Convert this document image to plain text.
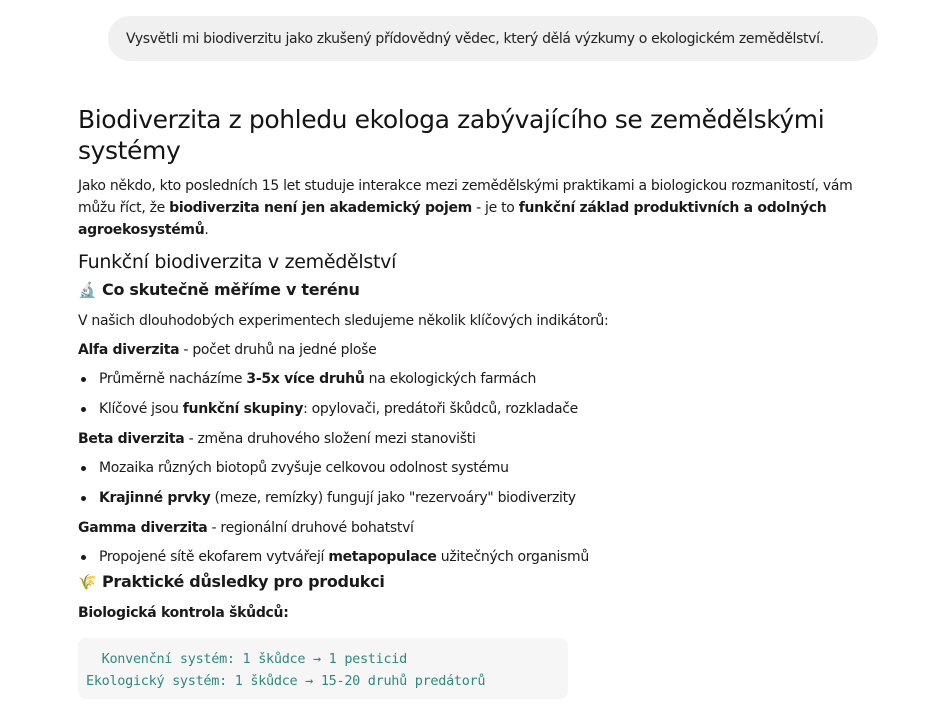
Vysvětli mi biodiverzitu jako zkušený přídovědný vědec, který dělá výzkumy o ekologickém zemědělství.
Biodiverzita z pohledu ekologa zabývajícího se zemědělskými systémy

Jako někdo, kto posledních 15 let studuje interakce mezi zemědělskými praktikami a biologickou rozmanitostí, vám můžu říct, že biodiverzita není jen akademický pojem - je to funkční základ produktivních a odolných agroekosystémů.

Funkční biodiverzita v zemědělství
🔬 Co skutečně měříme v terénu

V našich dlouhodobých experimentech sledujeme několik klíčových indikátorů:

Alfa diverzita - počet druhů na jedné ploše

Průměrně nacházíme 3-5x více druhů na ekologických farmách
Klíčové jsou funkční skupiny: opylovači, predátoři škůdců, rozkladače

Beta diverzita - změna druhového složení mezi stanovišti

Mozaika různých biotopů zvyšuje celkovou odolnost systému
Krajinné prvky (meze, remízky) fungují jako "rezervoáry" biodiverzity

Gamma diverzita - regionální druhové bohatství

Propojené sítě ekofarem vytvářejí metapopulace užitečných organismů
🌾 Praktické důsledky pro produkci

Biologická kontrola škůdců:

Konvenční systém: 1 škůdce → 1 pesticid
Ekologický systém: 1 škůdce → 15-20 druhů predátorů
